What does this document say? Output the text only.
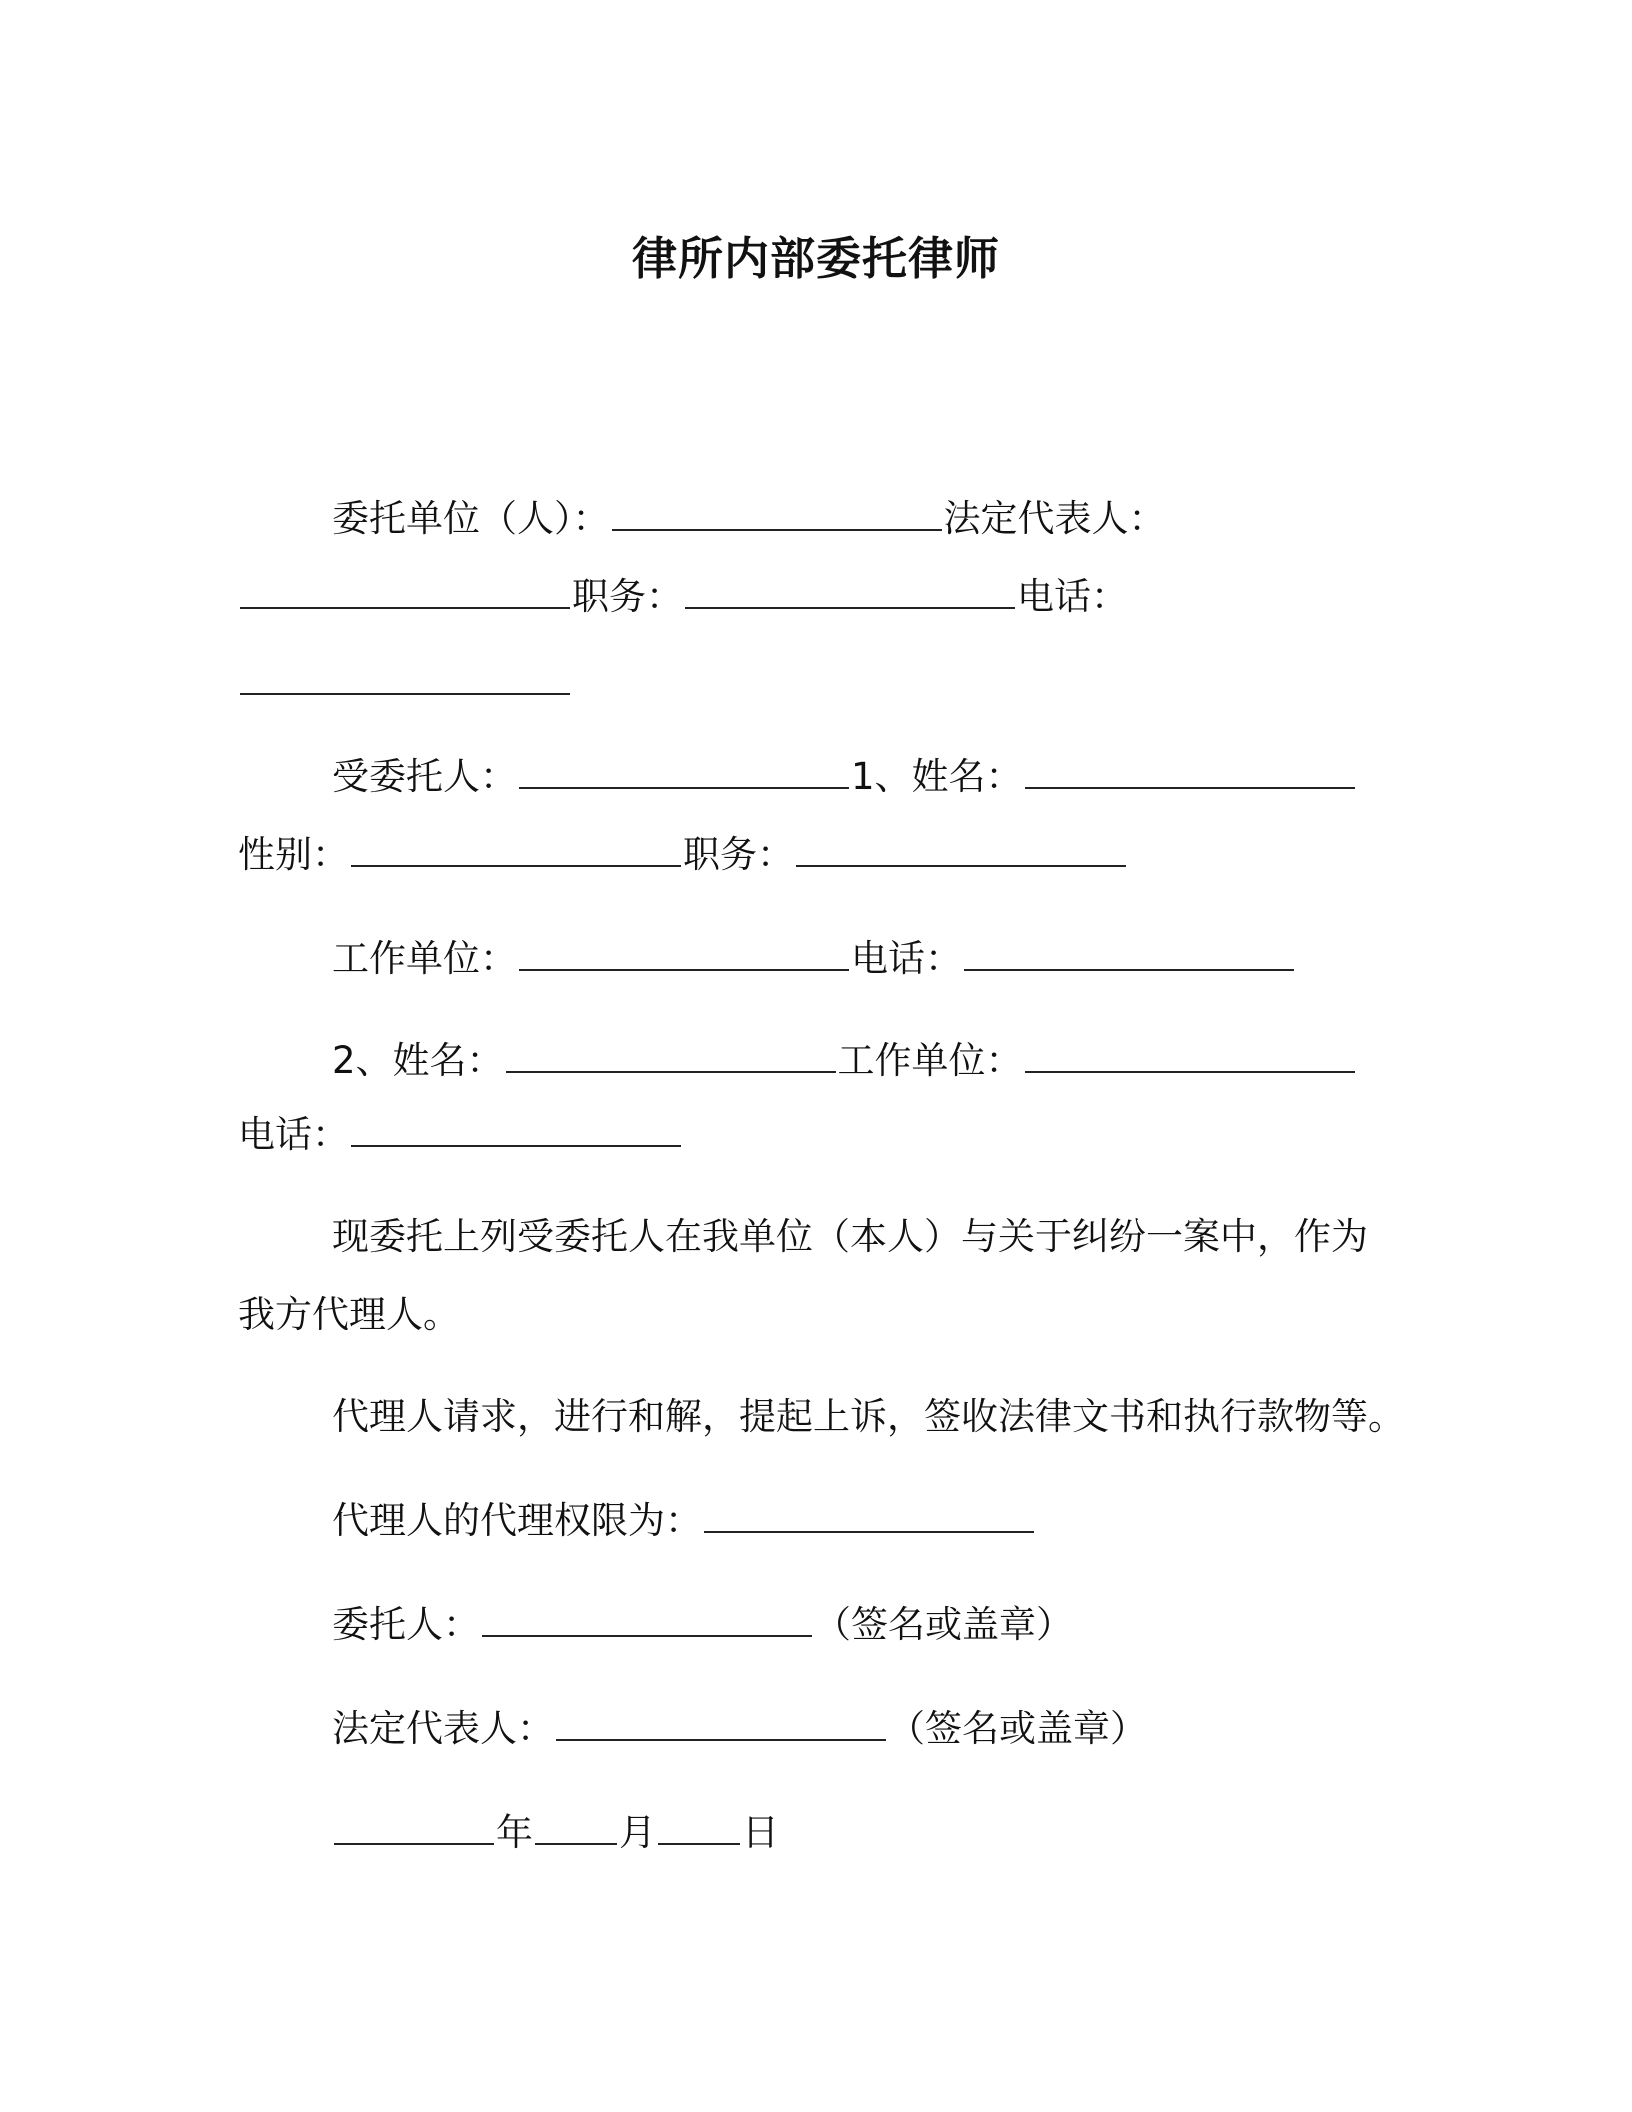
律所内部委托律师
委托单位（人）：	法定代表人：
职务：	电话：
受委托人：	1、姓名：
性别：	职务：
工作单位：	电话：
2、姓名：	工作单位：
电话：
现委托上列受委托人在我单位（本人）与关于纠纷一案中，作为
我方代理人。
代理人请求，进行和解，提起上诉，签收法律文书和执行款物等。
代理人的代理权限为：
委托人：	（签名或盖章）
法定代表人：	（签名或盖章）
年 月 日
